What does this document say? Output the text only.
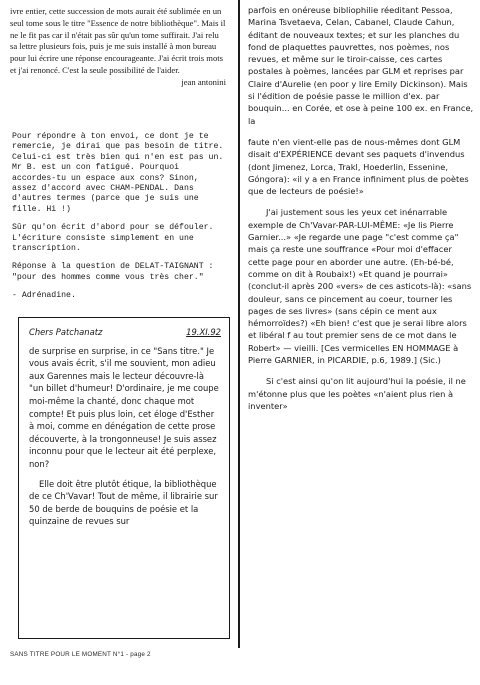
ivre entier, cette succession de mots aurait été sublimée en un seul tome sous le titre "Essence de notre bibliothèque". Mais il ne le fit pas car il n'était pas sûr qu'un tome suffirait. J'ai relu sa lettre plusieurs fois, puis je me suis installé à mon bureau pour lui écrire une réponse encourageante. J'ai écrit trois mots et j'ai renoncé. C'est la seule possibilité de l'aider.

jean antonini

Pour répondre à ton envoi, ce dont je te remercie, je dirai que pas besoin de titre. Celui-ci est très bien qui n'en est pas un. Mr B. est un con fatigué. Pourquoi accordes-tu un espace aux cons? Sinon, assez d'accord avec CHAM-PENDAL. Dans d'autres termes (parce que je suis une fille. Hi !)

Sûr qu'on écrit d'abord pour se défouler. L'écriture consiste simplement en une transcription.

Réponse à la question de DELAT-TAIGNANT : "pour des hommes comme vous très cher."

- Adrénadine.

Chers Patchanatz	19.XI.92

de surprise en surprise, in ce "Sans titre." Je vous avais écrit, s'il me souvient, mon adieu aux Garennes mais le lecteur découvre-là "un billet d'humeur! D'ordinaire, je me coupe moi-même la chanté, donc chaque mot compte! Et puis plus loin, cet éloge d'Esther à moi, comme en dénégation de cette prose découverte, à la trongonneuse! Je suis assez inconnu pour que le lecteur ait été perplexe, non?

Elle doit être plutôt étique, la bibliothèque de ce Ch'Vavar! Tout de même, il librairie sur 50 de berde de bouquins de poésie et la quinzaine de revues sur

parfois en onéreuse bibliophilie réeditant Pessoa, Marina Tsvetaeva, Celan, Cabanel, Claude Cahun, éditant de nouveaux textes; et sur les planches du fond de plaquettes pauvrettes, nos poèmes, nos revues, et même sur le tiroir-caisse, ces cartes postales à poèmes, lancées par GLM et reprises par Claire d'Aurelie (en poor y lire Emily Dickinson). Mais si l'édition de poésie passe le million d'ex. par bouquin... en Corée, et ose à peine 100 ex. en France, la

faute n'en vient-elle pas de nous-mêmes dont GLM disait d'EXPÉRIENCE devant ses paquets d'invendus (dont Jimenez, Lorca, Trakl, Hoederlin, Essenine, Góngora): «il y a en France infiniment plus de poètes que de lecteurs de poésie!»

J'ai justement sous les yeux cet inénarrable exemple de Ch'Vavar-PAR-LUI-MÊME: «Je lis Pierre Garnier...» «Je regarde une page "c'est comme ça" mais ça reste une souffrance «Pour moi d'effacer cette page pour en aborder une autre. (Eh-bé-bé, comme on dit à Roubaix!) «Et quand je pourrai» (conclut-il après 200 «vers» de ces asticots-là): «sans douleur, sans ce pincement au coeur, tourner les pages de ses livres» (sans cépin ce ment aux hémorroïdes?) «Eh bien! c'est que je serai libre alors et libéral f au tout premier sens de ce mot dans le Robert» — vieilli. [Ces vermicelles EN HOMMAGE à Pierre GARNIER, in PICARDIE, p.6, 1989.] (Sic.)

Si c'est ainsi qu'on lit aujourd'hui la poésie, il ne m'étonne plus que les poètes «n'aient plus rien à inventer»

SANS TITRE POUR LE MOMENT N°1 - page 2
